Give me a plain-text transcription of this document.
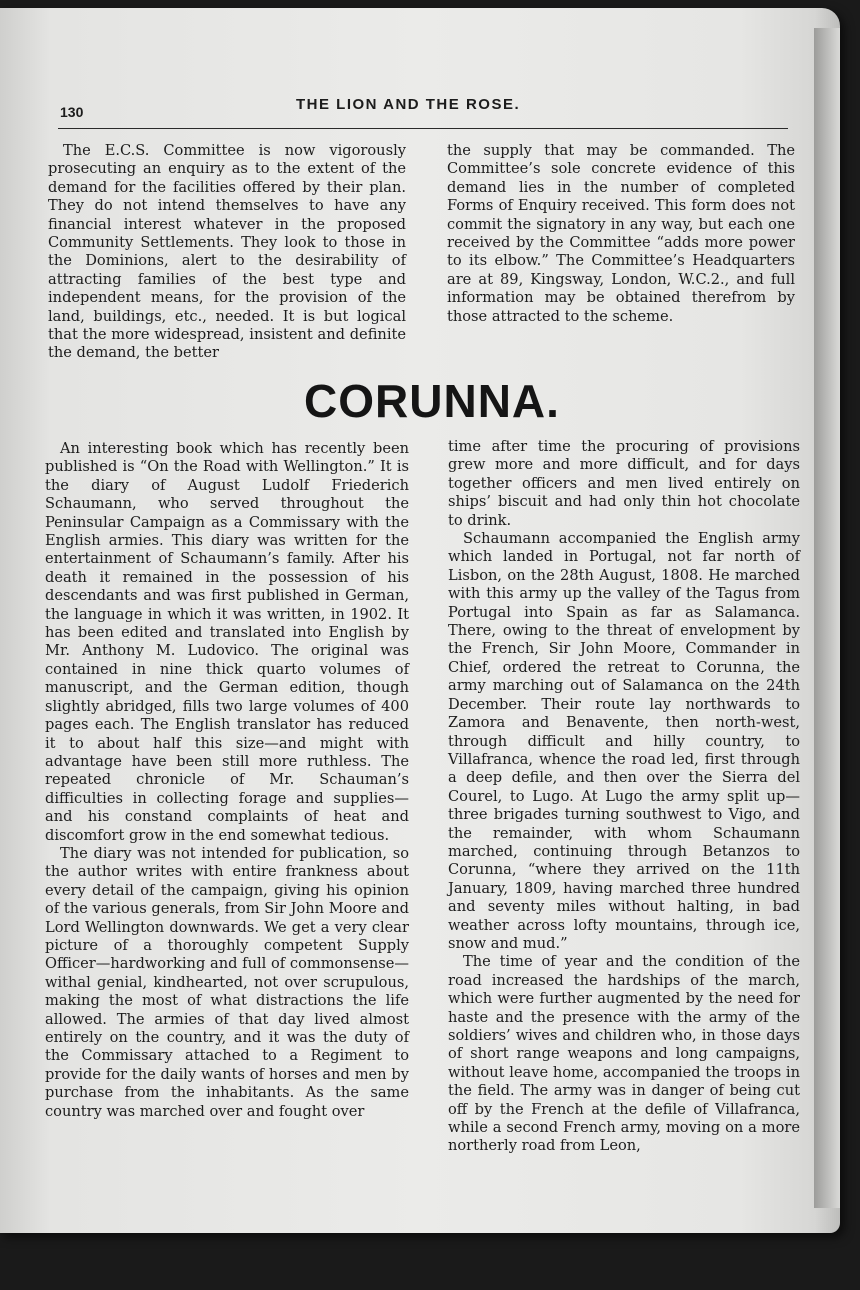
130	THE LION AND THE ROSE.

The E.C.S. Committee is now vigorously prosecuting an enquiry as to the extent of the demand for the facilities offered by their plan. They do not intend themselves to have any financial interest whatever in the proposed Community Settlements. They look to those in the Dominions, alert to the desirability of attracting families of the best type and independent means, for the provision of the land, buildings, etc., needed. It is but logical that the more widespread, insistent and definite the demand, the better

the supply that may be commanded. The Committee’s sole concrete evidence of this demand lies in the number of completed Forms of Enquiry received. This form does not commit the signatory in any way, but each one received by the Committee “adds more power to its elbow.” The Committee’s Headquarters are at 89, Kingsway, London, W.C.2., and full information may be obtained therefrom by those attracted to the scheme.

CORUNNA.

An interesting book which has recently been published is “On the Road with Wellington.” It is the diary of August Ludolf Friederich Schaumann, who served throughout the Peninsular Campaign as a Commissary with the English armies. This diary was written for the entertainment of Schaumann’s family. After his death it remained in the possession of his descendants and was first published in German, the language in which it was written, in 1902. It has been edited and translated into English by Mr. Anthony M. Ludovico. The original was contained in nine thick quarto volumes of manuscript, and the German edition, though slightly abridged, fills two large volumes of 400 pages each. The English translator has reduced it to about half this size—and might with advantage have been still more ruthless. The repeated chronicle of Mr. Schauman’s difficulties in collecting forage and supplies— and his constand complaints of heat and discomfort grow in the end somewhat tedious.

The diary was not intended for publication, so the author writes with entire frankness about every detail of the campaign, giving his opinion of the various generals, from Sir John Moore and Lord Wellington downwards. We get a very clear picture of a thoroughly competent Supply Officer—hardworking and full of commonsense—withal genial, kindhearted, not over scrupulous, making the most of what distractions the life allowed. The armies of that day lived almost entirely on the country, and it was the duty of the Commissary attached to a Regiment to provide for the daily wants of horses and men by purchase from the inhabitants. As the same country was marched over and fought over

time after time the procuring of provisions grew more and more difficult, and for days together officers and men lived entirely on ships’ biscuit and had only thin hot chocolate to drink.

Schaumann accompanied the English army which landed in Portugal, not far north of Lisbon, on the 28th August, 1808. He marched with this army up the valley of the Tagus from Portugal into Spain as far as Salamanca. There, owing to the threat of envelopment by the French, Sir John Moore, Commander in Chief, ordered the retreat to Corunna, the army marching out of Salamanca on the 24th December. Their route lay northwards to Zamora and Benavente, then north-west, through difficult and hilly country, to Villafranca, whence the road led, first through a deep defile, and then over the Sierra del Courel, to Lugo. At Lugo the army split up—three brigades turning southwest to Vigo, and the remainder, with whom Schaumann marched, continuing through Betanzos to Corunna, “where they arrived on the 11th January, 1809, having marched three hundred and seventy miles without halting, in bad weather across lofty mountains, through ice, snow and mud.”

The time of year and the condition of the road increased the hardships of the march, which were further augmented by the need for haste and the presence with the army of the soldiers’ wives and children who, in those days of short range weapons and long campaigns, without leave home, accompanied the troops in the field. The army was in danger of being cut off by the French at the defile of Villafranca, while a second French army, moving on a more northerly road from Leon,
